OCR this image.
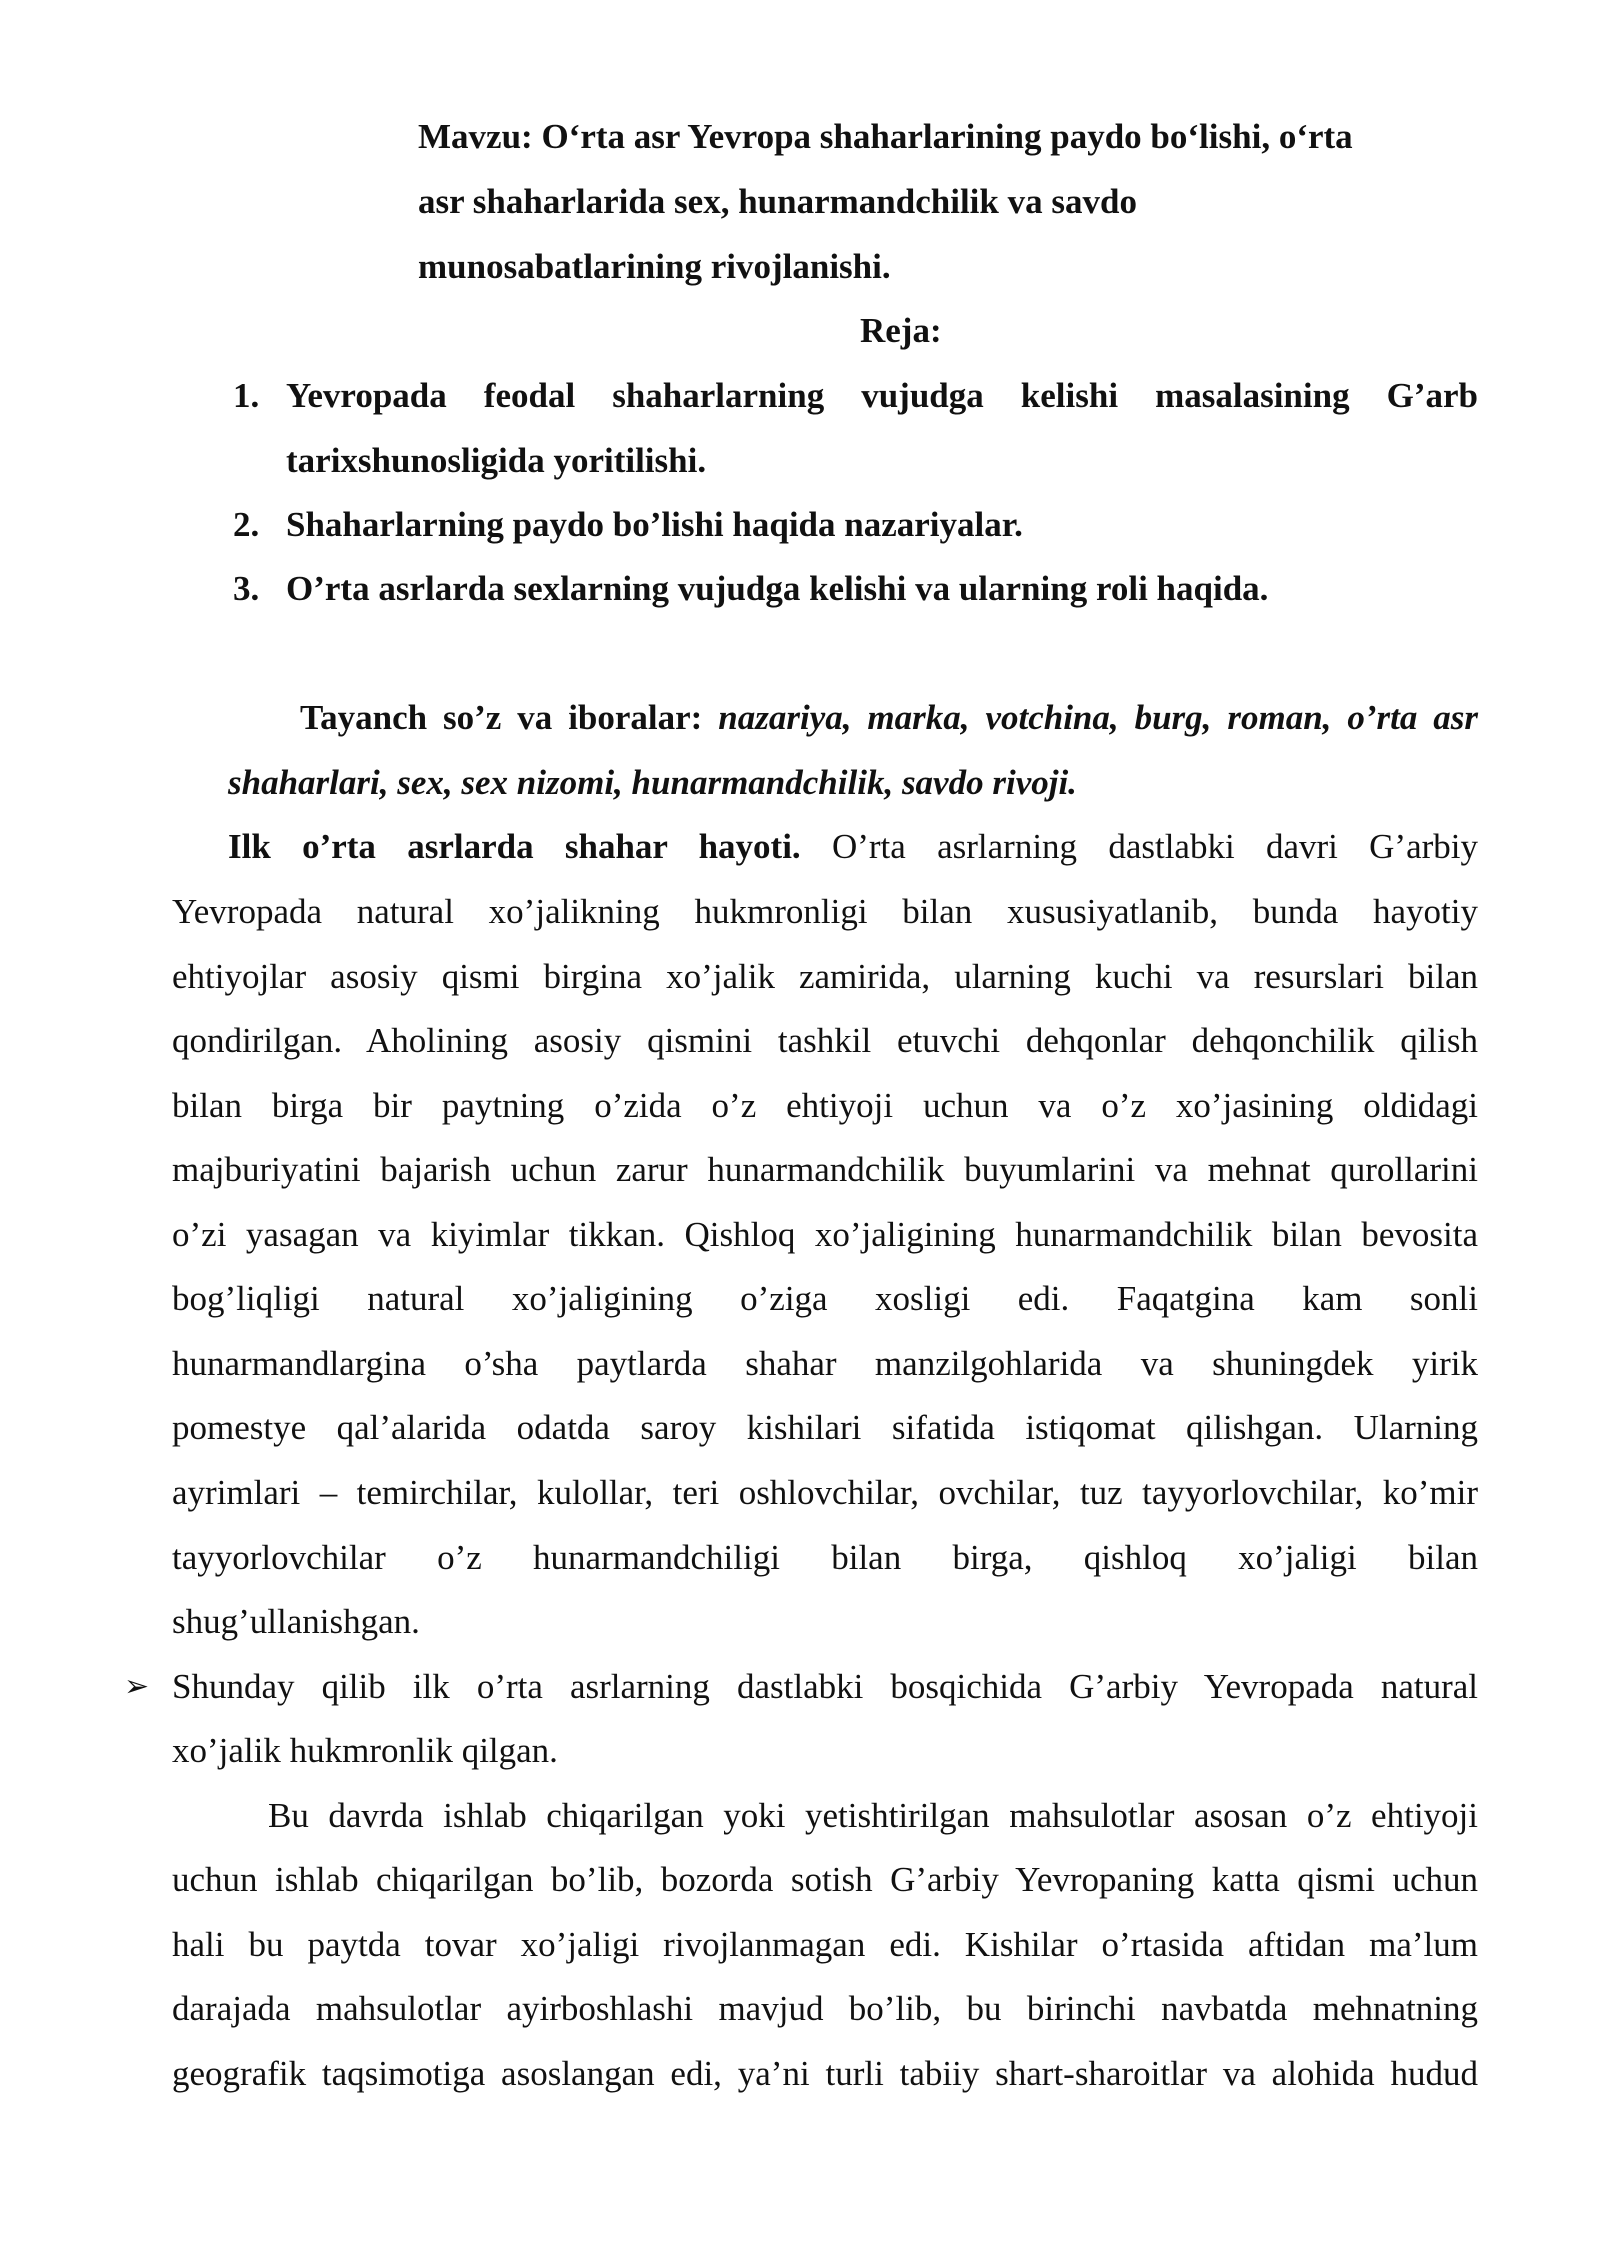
Mavzu: O‘rta asr Yevropa shaharlarining paydo bo‘lishi, o‘rta
asr shaharlarida sex, hunarmandchilik va savdo
munosabatlarining rivojlanishi.
Reja:
1. Yevropada feodal shaharlarning vujudga kelishi masalasining G’arb
tarixshunosligida yoritilishi.
2. Shaharlarning paydo bo’lishi haqida nazariyalar.
3. O’rta asrlarda sexlarning vujudga kelishi va ularning roli haqida.
Tayanch so’z va iboralar: nazariya, marka, votchina, burg, roman, o’rta asr
shaharlari, sex, sex nizomi, hunarmandchilik, savdo rivoji.
Ilk o’rta asrlarda shahar hayoti. O’rta asrlarning dastlabki davri G’arbiy
Yevropada natural xo’jalikning hukmronligi bilan xususiyatlanib, bunda hayotiy
ehtiyojlar asosiy qismi birgina xo’jalik zamirida, ularning kuchi va resurslari bilan
qondirilgan. Aholining asosiy qismini tashkil etuvchi dehqonlar dehqonchilik qilish
bilan birga bir paytning o’zida o’z ehtiyoji uchun va o’z xo’jasining oldidagi
majburiyatini bajarish uchun zarur hunarmandchilik buyumlarini va mehnat qurollarini
o’zi yasagan va kiyimlar tikkan. Qishloq xo’jaligining hunarmandchilik bilan bevosita
bog’liqligi natural xo’jaligining o’ziga xosligi edi. Faqatgina kam sonli
hunarmandlargina o’sha paytlarda shahar manzilgohlarida va shuningdek yirik
pomestye qal’alarida odatda saroy kishilari sifatida istiqomat qilishgan. Ularning
ayrimlari – temirchilar, kulollar, teri oshlovchilar, ovchilar, tuz tayyorlovchilar, ko’mir
tayyorlovchilar o’z hunarmandchiligi bilan birga, qishloq xo’jaligi bilan
shug’ullanishgan.
➢ Shunday qilib ilk o’rta asrlarning dastlabki bosqichida G’arbiy Yevropada natural
xo’jalik hukmronlik qilgan.
Bu davrda ishlab chiqarilgan yoki yetishtirilgan mahsulotlar asosan o’z ehtiyoji
uchun ishlab chiqarilgan bo’lib, bozorda sotish G’arbiy Yevropaning katta qismi uchun
hali bu paytda tovar xo’jaligi rivojlanmagan edi. Kishilar o’rtasida aftidan ma’lum
darajada mahsulotlar ayirboshlashi mavjud bo’lib, bu birinchi navbatda mehnatning
geografik taqsimotiga asoslangan edi, ya’ni turli tabiiy shart-sharoitlar va alohida hudud
